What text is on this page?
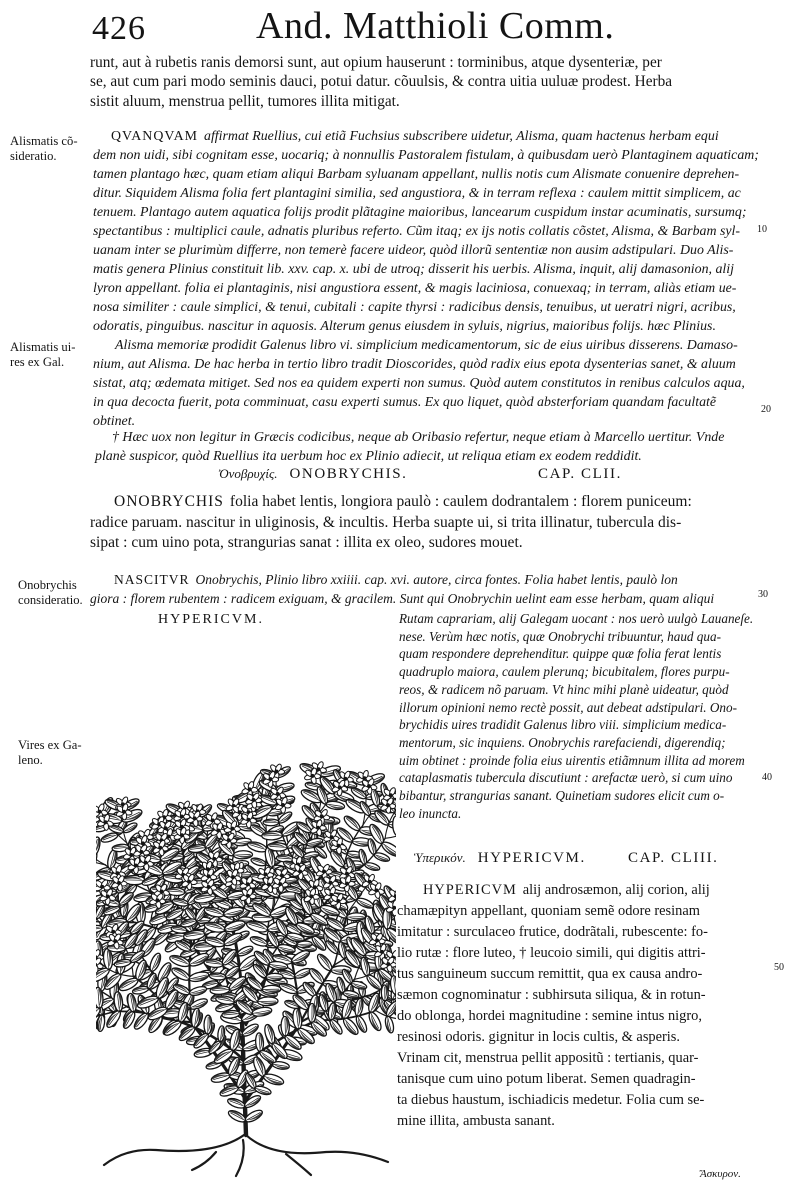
426	And. Matthioli Comm.
runt, aut à rubetis ranis demorsi sunt, aut opium hauserunt : torminibus, atque dysenteriæ, per
se, aut cum pari modo seminis dauci, potui datur. cõuulsis, & contra uitia uuluæ prodest. Herba
sistit aluum, menstrua pellit, tumores illita mitigat.
Alismatis cõ-
sideratio.
Alismatis ui-
res ex Gal.
10
20
QVANQVAM affirmat Ruellius, cui etiã Fuchsius subscribere uidetur, Alisma, quam hactenus herbam equi
dem non uidi, sibi cognitam esse, uocariq; à nonnullis Pastoralem fistulam, à quibusdam uerò Plantaginem aquaticam;
tamen plantago hæc, quam etiam aliqui Barbam syluanam appellant, nullis notis cum Alismate conuenire deprehen-
ditur. Siquidem Alisma folia fert plantagini similia, sed angustiora, & in terram reflexa : caulem mittit simplicem, ac
tenuem. Plantago autem aquatica folijs prodit plãtagine maioribus, lancearum cuspidum instar acuminatis, sursumq;
spectantibus : multiplici caule, adnatis pluribus refertо. Cũm itaq; ex ijs notis collatis cõstet, Alisma, & Barbam syl-
uanam inter se plurimùm differre, non temerè facere uideor, quòd illorũ sententiæ non ausim adstipulari. Duo Alis-
matis genera Plinius constituit lib. xxv. cap. x. ubi de utroq; disserit his uerbis. Alisma, inquit, alij damasonion, alij
lyron appellant. folia ei plantaginis, nisi angustiora essent, & magis laciniosa, conuexaq; in terram, aliàs etiam ue-
nosa similiter : caule simplici, & tenui, cubitali : capite thyrsi : radicibus densis, tenuibus, ut ueratri nigri, acribus,
odoratis, pinguibus. nascitur in aquosis. Alterum genus eiusdem in syluis, nigrius, maioribus folijs. hæc Plinius.
Alisma memoriæ prodidit Galenus libro vi. simplicium medicamentorum, sic de eius uiribus disserens. Damaso-
nium, aut Alisma. De hac herba in tertio libro tradit Dioscorides, quòd radix eius epota dysenterias sanet, & aluum
sistat, atq; œdemata mitiget. Sed nos ea quidem experti non sumus. Quòd autem constitutos in renibus calculos aqua,
in qua decocta fuerit, pota comminuat, casu experti sumus. Ex quo liquet, quòd absterforiam quandam facultatẽ
obtinet.
† Hæc uox non legitur in Græcis codicibus, neque ab Oribasio refertur, neque etiam à Marcello uertitur. Vnde
planè suspicor, quòd Ruellius ita uerbum hoc ex Plinio adiecit, ut reliqua etiam ex eodem reddidit.
Ὀνοβρυχίς. ONOBRYCHIS.	CAP. CLII.
ONOBRYCHIS folia habet lentis, longiora paulò : caulem dodrantalem : florem puniceum:
radice paruam. nascitur in uliginosis, & incultis. Herba suapte ui, si trita illinatur, tubercula dis-
sipat : cum uino pota, strangurias sanat : illita ex oleo, sudores mouet.
Onobrychis
consideratio.
Vires ex Ga-
leno.
30
40
NASCITVR Onobrychis, Plinio libro xxiiii. cap. xvi. autore, circa fontes. Folia habet lentis, paulò lon
giora : florem rubentem : radicem exiguam, & gracilem. Sunt qui Onobrychin uelint eam esse herbam, quam aliqui
Rutam caprariam, alij Galegam uocant : nos uerò uulgò Lauaneſe.
nese. Verùm hæc notis, quæ Onobrychi tribuuntur, haud qua-
quam respondere deprehenditur. quippe quæ folia ferat lentis
quadruplo maiora, caulem plerunq; bicubitalem, flores purpu-
reos, & radicem nõ paruam. Vt hinc mihi planè uideatur, quòd
illorum opinioni nemo rectè possit, aut debeat adstipulari. Ono-
brychidis uires tradidit Galenus libro viii. simplicium medica-
mentorum, sic inquiens. Onobrychis rarefaciendi, digerendiq;
uim obtinet : proinde folia eius uirentis etiãmnum illita ad morem
cataplasmatis tubercula discutiunt : arefactæ uerò, si cum uino
bibantur, strangurias sanant. Quinetiam sudores elicit cum o-
leo inuncta.
HYPERICVM.
Ὑπερικόν. HYPERICVM.	CAP. CLIII.
50
HYPERICVM alij androsæmon, alij corion, alij
chamæpityn appellant, quoniam semẽ odore resinam
imitatur : surculaceo frutice, dodrãtali, rubescente: fo-
lio rutæ : flore luteo, † leucoio simili, qui digitis attri-
tus sanguineum succum remittit, qua ex causa andro-
sæmon cognominatur : subhirsuta siliqua, & in rotun-
do oblonga, hordei magnitudine : semine intus nigro,
resinosi odoris. gignitur in locis cultis, & asperis.
Vrinam cit, menstrua pellit appositũ : tertianis, quar-
tanisque cum uino potum liberat. Semen quadragin-
ta diebus haustum, ischiadicis medetur. Folia cum se-
mine illita, ambusta sanant.
Ἄσκυρον.
